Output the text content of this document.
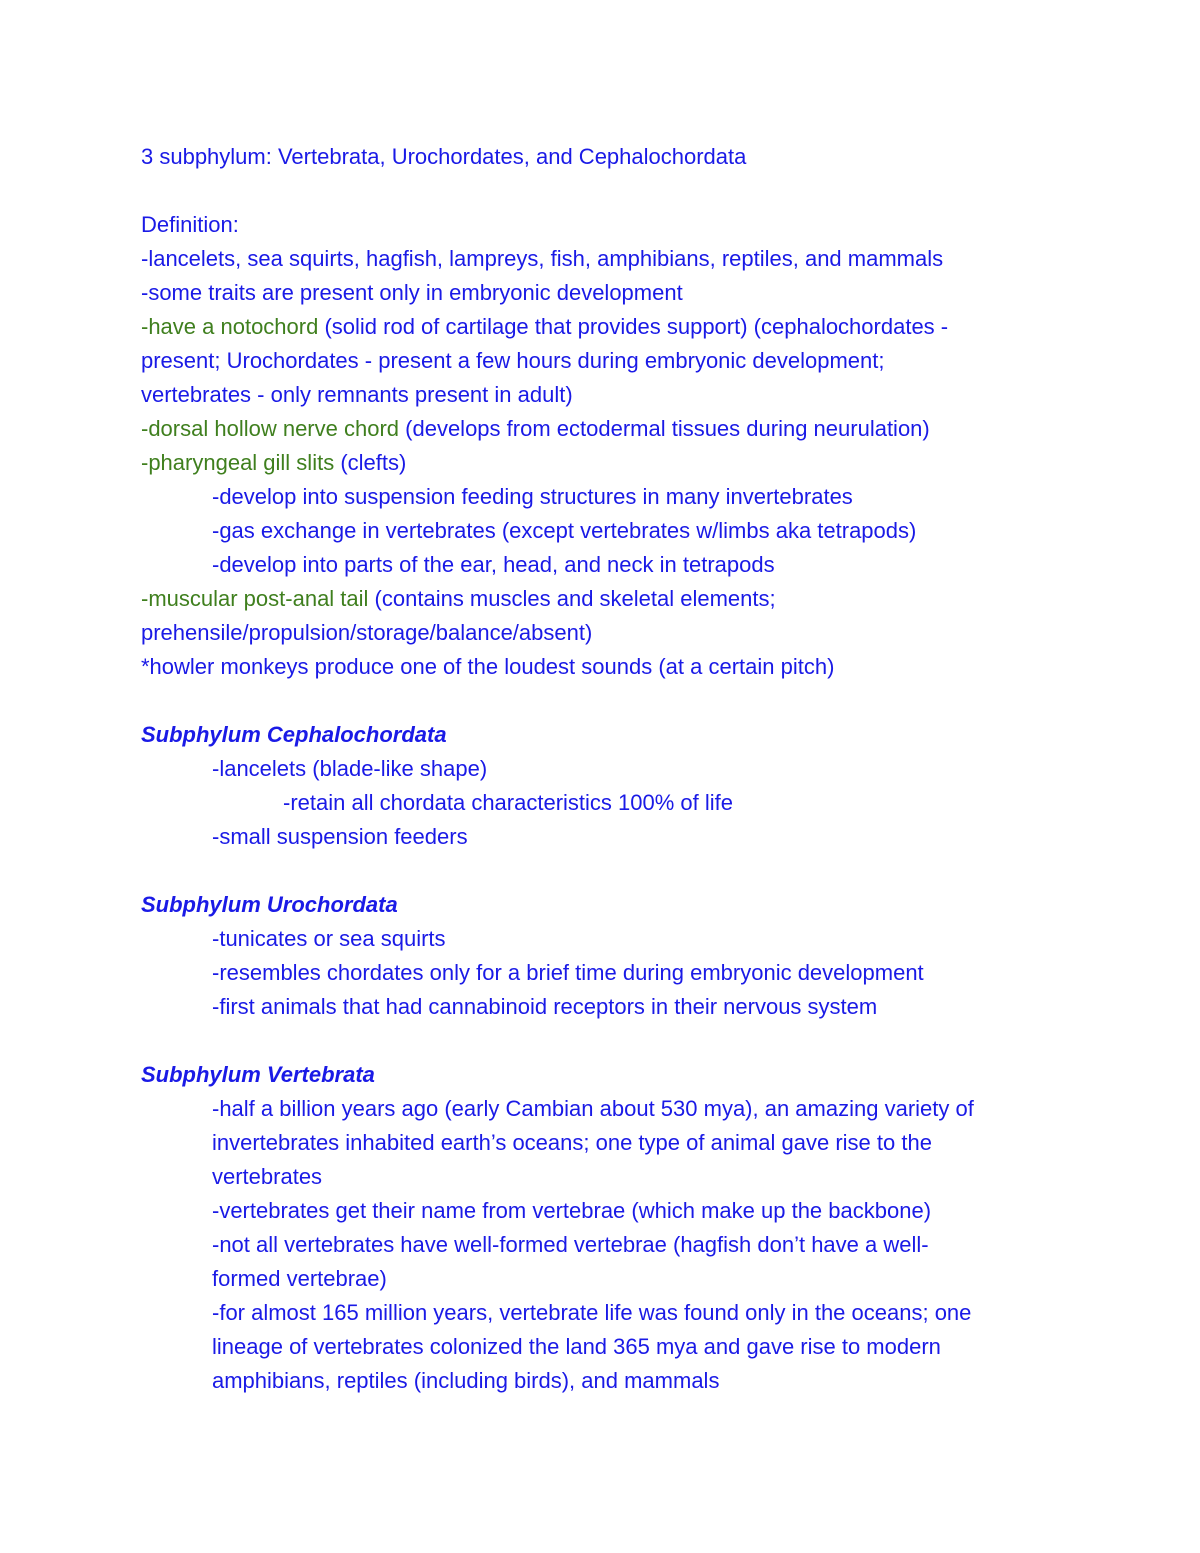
3 subphylum: Vertebrata, Urochordates, and Cephalochordata
Definition:
-lancelets, sea squirts, hagfish, lampreys, fish, amphibians, reptiles, and mammals
-some traits are present only in embryonic development
-have a notochord (solid rod of cartilage that provides support) (cephalochordates -
present; Urochordates - present a few hours during embryonic development;
vertebrates - only remnants present in adult)
-dorsal hollow nerve chord (develops from ectodermal tissues during neurulation)
-pharyngeal gill slits (clefts)
-develop into suspension feeding structures in many invertebrates
-gas exchange in vertebrates (except vertebrates w/limbs aka tetrapods)
-develop into parts of the ear, head, and neck in tetrapods
-muscular post-anal tail (contains muscles and skeletal elements;
prehensile/propulsion/storage/balance/absent)
*howler monkeys produce one of the loudest sounds (at a certain pitch)
Subphylum Cephalochordata
-lancelets (blade-like shape)
-retain all chordata characteristics 100% of life
-small suspension feeders
Subphylum Urochordata
-tunicates or sea squirts
-resembles chordates only for a brief time during embryonic development
-first animals that had cannabinoid receptors in their nervous system
Subphylum Vertebrata
-half a billion years ago (early Cambian about 530 mya), an amazing variety of
invertebrates inhabited earth’s oceans; one type of animal gave rise to the
vertebrates
-vertebrates get their name from vertebrae (which make up the backbone)
-not all vertebrates have well-formed vertebrae (hagfish don’t have a well-
formed vertebrae)
-for almost 165 million years, vertebrate life was found only in the oceans; one
lineage of vertebrates colonized the land 365 mya and gave rise to modern
amphibians, reptiles (including birds), and mammals
